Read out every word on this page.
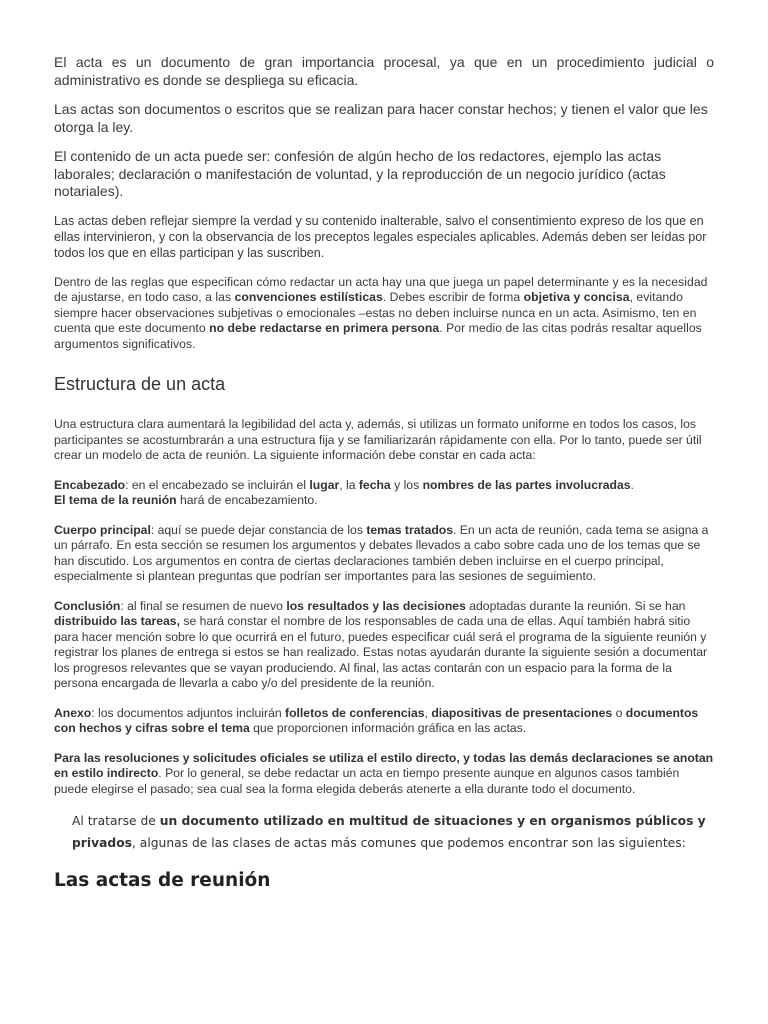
El acta es un documento de gran importancia procesal, ya que en un procedimiento judicial o administrativo es donde se despliega su eficacia.

Las actas son documentos o escritos que se realizan para hacer constar hechos; y tienen el valor que les otorga la ley.

El contenido de un acta puede ser: confesión de algún hecho de los redactores, ejemplo las actas laborales; declaración o manifestación de voluntad, y la reproducción de un negocio jurídico (actas notariales).

Las actas deben reflejar siempre la verdad y su contenido inalterable, salvo el consentimiento expreso de los que en ellas intervinieron, y con la observancia de los preceptos legales especiales aplicables. Además deben ser leídas por todos los que en ellas participan y las suscriben.

Dentro de las reglas que especifican cómo redactar un acta hay una que juega un papel determinante y es la necesidad de ajustarse, en todo caso, a las convenciones estilísticas. Debes escribir de forma objetiva y concisa, evitando siempre hacer observaciones subjetivas o emocionales –estas no deben incluirse nunca en un acta. Asimismo, ten en cuenta que este documento no debe redactarse en primera persona. Por medio de las citas podrás resaltar aquellos argumentos significativos.

Estructura de un acta

Una estructura clara aumentará la legibilidad del acta y, además, si utilizas un formato uniforme en todos los casos, los participantes se acostumbrarán a una estructura fija y se familiarizarán rápidamente con ella. Por lo tanto, puede ser útil crear un modelo de acta de reunión. La siguiente información debe constar en cada acta:

Encabezado: en el encabezado se incluirán el lugar, la fecha y los nombres de las partes involucradas.
El tema de la reunión hará de encabezamiento.

Cuerpo principal: aquí se puede dejar constancia de los temas tratados. En un acta de reunión, cada tema se asigna a un párrafo. En esta sección se resumen los argumentos y debates llevados a cabo sobre cada uno de los temas que se han discutido. Los argumentos en contra de ciertas declaraciones también deben incluirse en el cuerpo principal, especialmente si plantean preguntas que podrían ser importantes para las sesiones de seguimiento.

Conclusión: al final se resumen de nuevo los resultados y las decisiones adoptadas durante la reunión. Si se han distribuido las tareas, se hará constar el nombre de los responsables de cada una de ellas. Aquí también habrá sitio para hacer mención sobre lo que ocurrirá en el futuro, puedes especificar cuál será el programa de la siguiente reunión y registrar los planes de entrega si estos se han realizado. Estas notas ayudarán durante la siguiente sesión a documentar los progresos relevantes que se vayan produciendo. Al final, las actas contarán con un espacio para la forma de la persona encargada de llevarla a cabo y/o del presidente de la reunión.

Anexo: los documentos adjuntos incluirán folletos de conferencias, diapositivas de presentaciones o documentos con hechos y cifras sobre el tema que proporcionen información gráfica en las actas.

Para las resoluciones y solicitudes oficiales se utiliza el estilo directo, y todas las demás declaraciones se anotan en estilo indirecto. Por lo general, se debe redactar un acta en tiempo presente aunque en algunos casos también puede elegirse el pasado; sea cual sea la forma elegida deberás atenerte a ella durante todo el documento.

Al tratarse de un documento utilizado en multitud de situaciones y en organismos públicos y privados, algunas de las clases de actas más comunes que podemos encontrar son las siguientes:

Las actas de reunión
